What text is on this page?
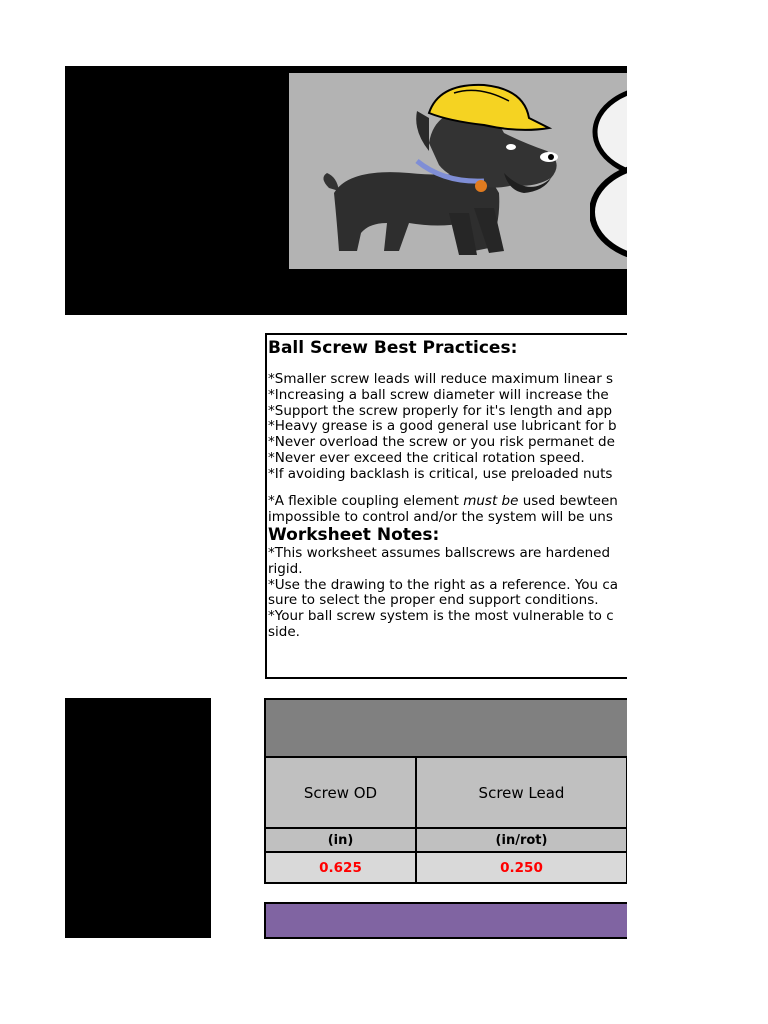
Ball Screw Best Practices:
*Smaller screw leads will reduce maximum linear s
*Increasing a ball screw diameter will increase the
*Support the screw properly for it's length and app
*Heavy grease is a good general use lubricant for b
*Never overload the screw or you risk permanet de
*Never ever exceed the critical rotation speed.
*If avoiding backlash is critical, use preloaded nuts
*A flexible coupling element must be used bewteen
impossible to control and/or the system will be uns
Worksheet Notes:
*This worksheet assumes ballscrews are hardened
rigid.
*Use the drawing to the right as a reference. You ca
sure to select the proper end support conditions.
*Your ball screw system is the most vulnerable to c
side.
Screw OD	Screw Lead
(in)	(in/rot)
0.625	0.250
